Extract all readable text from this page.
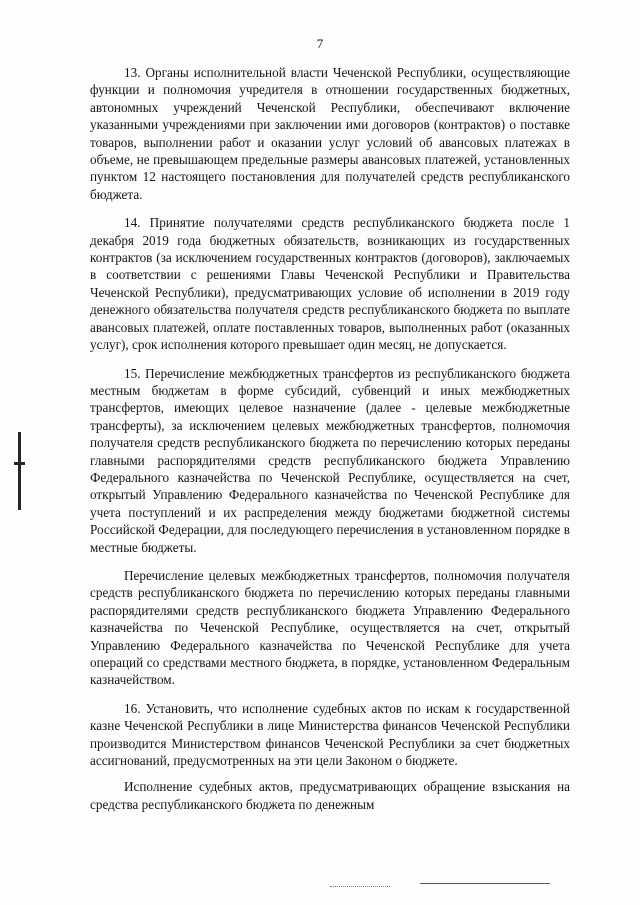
7

13. Органы исполнительной власти Чеченской Республики, осуществляющие функции и полномочия учредителя в отношении государственных бюджетных, автономных учреждений Чеченской Республики, обеспечивают включение указанными учреждениями при заключении ими договоров (контрактов) о поставке товаров, выполнении работ и оказании услуг условий об авансовых платежах в объеме, не превышающем предельные размеры авансовых платежей, установленных пунктом 12 настоящего постановления для получателей средств республиканского бюджета.

14. Принятие получателями средств республиканского бюджета после 1 декабря 2019 года бюджетных обязательств, возникающих из государственных контрактов (за исключением государственных контрактов (договоров), заключаемых в соответствии с решениями Главы Чеченской Республики и Правительства Чеченской Республики), предусматривающих условие об исполнении в 2019 году денежного обязательства получателя средств республиканского бюджета по выплате авансовых платежей, оплате поставленных товаров, выполненных работ (оказанных услуг), срок исполнения которого превышает один месяц, не допускается.

15. Перечисление межбюджетных трансфертов из республиканского бюджета местным бюджетам в форме субсидий, субвенций и иных межбюджетных трансфертов, имеющих целевое назначение (далее - целевые межбюджетные трансферты), за исключением целевых межбюджетных трансфертов, полномочия получателя средств республиканского бюджета по перечислению которых переданы главными распорядителями средств республиканского бюджета Управлению Федерального казначейства по Чеченской Республике, осуществляется на счет, открытый Управлению Федерального казначейства по Чеченской Республике для учета поступлений и их распределения между бюджетами бюджетной системы Российской Федерации, для последующего перечисления в установленном порядке в местные бюджеты.

Перечисление целевых межбюджетных трансфертов, полномочия получателя средств республиканского бюджета по перечислению которых переданы главными распорядителями средств республиканского бюджета Управлению Федерального казначейства по Чеченской Республике, осуществляется на счет, открытый Управлению Федерального казначейства по Чеченской Республике для учета операций со средствами местного бюджета, в порядке, установленном Федеральным казначейством.

16. Установить, что исполнение судебных актов по искам к государственной казне Чеченской Республики в лице Министерства финансов Чеченской Республики производится Министерством финансов Чеченской Республики за счет бюджетных ассигнований, предусмотренных на эти цели Законом о бюджете.

Исполнение судебных актов, предусматривающих обращение взыскания на средства республиканского бюджета по денежным
